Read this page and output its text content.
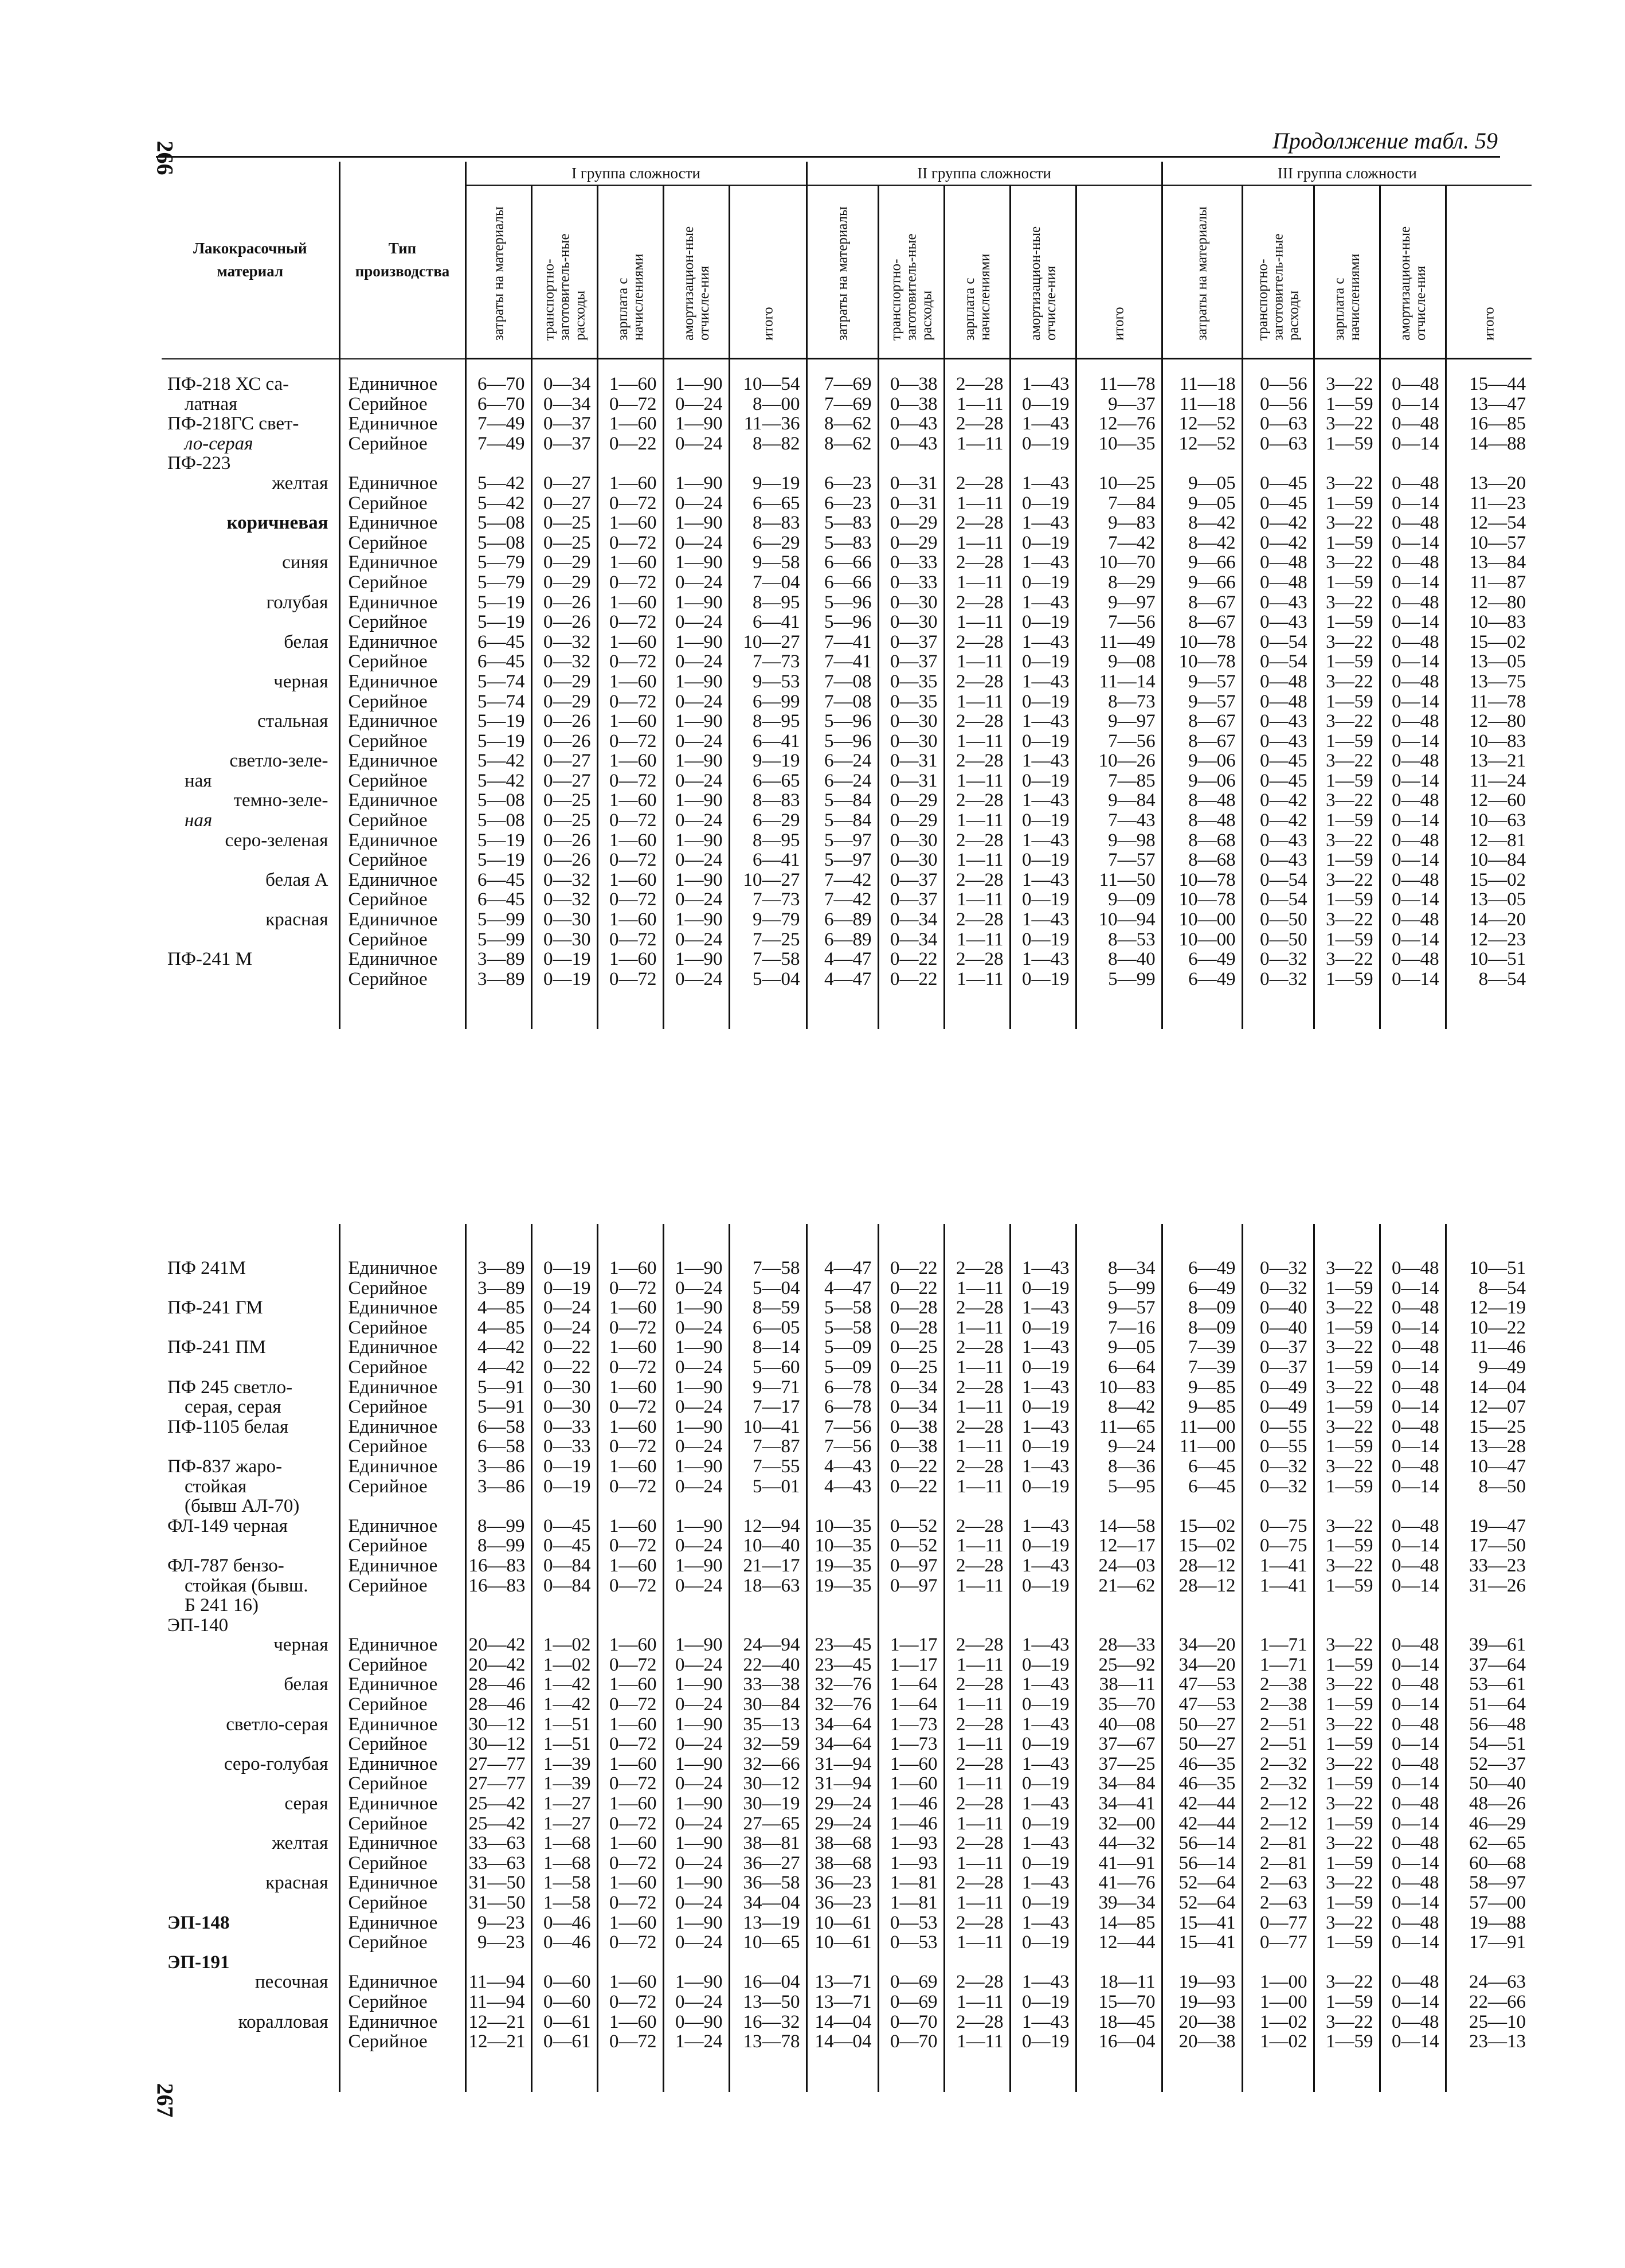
266	Продолжение табл. 59
Лакокрасочный материал	Тип производства	I группа сложности					II группа сложности					III группа сложности				

		затраты на материалы	транспортно-заготовитель-ные расходы	зарплата с начислениями	амортизацион-ные отчисле-ния	итого	затраты на материалы	транспортно-заготовитель-ные расходы	зарплата с начислениями	амортизацион-ные отчисле-ния	итого	затраты на материалы	транспортно-заготовитель-ные расходы	зарплата с начислениями	амортизацион-ные отчисле-ния	итого

ПФ-218 ХС са-	Единичное	6—70	0—34	1—60	1—90	10—54	7—69	0—38	2—28	1—43	11—78	11—18	0—56	3—22	0—48	15—44
латная	Серийное	6—70	0—34	0—72	0—24	8—00	7—69	0—38	1—11	0—19	9—37	11—18	0—56	1—59	0—14	13—47
ПФ-218ГС свет-	Единичное	7—49	0—37	1—60	1—90	11—36	8—62	0—43	2—28	1—43	12—76	12—52	0—63	3—22	0—48	16—85
ло-серая	Серийное	7—49	0—37	0—22	0—24	8—82	8—62	0—43	1—11	0—19	10—35	12—52	0—63	1—59	0—14	14—88
ПФ-223																
желтая	Единичное	5—42	0—27	1—60	1—90	9—19	6—23	0—31	2—28	1—43	10—25	9—05	0—45	3—22	0—48	13—20
	Серийное	5—42	0—27	0—72	0—24	6—65	6—23	0—31	1—11	0—19	7—84	9—05	0—45	1—59	0—14	11—23
коричневая	Единичное	5—08	0—25	1—60	1—90	8—83	5—83	0—29	2—28	1—43	9—83	8—42	0—42	3—22	0—48	12—54
	Серийное	5—08	0—25	0—72	0—24	6—29	5—83	0—29	1—11	0—19	7—42	8—42	0—42	1—59	0—14	10—57
синяя	Единичное	5—79	0—29	1—60	1—90	9—58	6—66	0—33	2—28	1—43	10—70	9—66	0—48	3—22	0—48	13—84
	Серийное	5—79	0—29	0—72	0—24	7—04	6—66	0—33	1—11	0—19	8—29	9—66	0—48	1—59	0—14	11—87
голубая	Единичное	5—19	0—26	1—60	1—90	8—95	5—96	0—30	2—28	1—43	9—97	8—67	0—43	3—22	0—48	12—80
	Серийное	5—19	0—26	0—72	0—24	6—41	5—96	0—30	1—11	0—19	7—56	8—67	0—43	1—59	0—14	10—83
белая	Единичное	6—45	0—32	1—60	1—90	10—27	7—41	0—37	2—28	1—43	11—49	10—78	0—54	3—22	0—48	15—02
	Серийное	6—45	0—32	0—72	0—24	7—73	7—41	0—37	1—11	0—19	9—08	10—78	0—54	1—59	0—14	13—05
черная	Единичное	5—74	0—29	1—60	1—90	9—53	7—08	0—35	2—28	1—43	11—14	9—57	0—48	3—22	0—48	13—75
	Серийное	5—74	0—29	0—72	0—24	6—99	7—08	0—35	1—11	0—19	8—73	9—57	0—48	1—59	0—14	11—78
стальная	Единичное	5—19	0—26	1—60	1—90	8—95	5—96	0—30	2—28	1—43	9—97	8—67	0—43	3—22	0—48	12—80
	Серийное	5—19	0—26	0—72	0—24	6—41	5—96	0—30	1—11	0—19	7—56	8—67	0—43	1—59	0—14	10—83
светло-зеле-	Единичное	5—42	0—27	1—60	1—90	9—19	6—24	0—31	2—28	1—43	10—26	9—06	0—45	3—22	0—48	13—21
ная	Серийное	5—42	0—27	0—72	0—24	6—65	6—24	0—31	1—11	0—19	7—85	9—06	0—45	1—59	0—14	11—24
темно-зеле-	Единичное	5—08	0—25	1—60	1—90	8—83	5—84	0—29	2—28	1—43	9—84	8—48	0—42	3—22	0—48	12—60
ная	Серийное	5—08	0—25	0—72	0—24	6—29	5—84	0—29	1—11	0—19	7—43	8—48	0—42	1—59	0—14	10—63
серо-зеленая	Единичное	5—19	0—26	1—60	1—90	8—95	5—97	0—30	2—28	1—43	9—98	8—68	0—43	3—22	0—48	12—81
	Серийное	5—19	0—26	0—72	0—24	6—41	5—97	0—30	1—11	0—19	7—57	8—68	0—43	1—59	0—14	10—84
белая А	Единичное	6—45	0—32	1—60	1—90	10—27	7—42	0—37	2—28	1—43	11—50	10—78	0—54	3—22	0—48	15—02
	Серийное	6—45	0—32	0—72	0—24	7—73	7—42	0—37	1—11	0—19	9—09	10—78	0—54	1—59	0—14	13—05
красная	Единичное	5—99	0—30	1—60	1—90	9—79	6—89	0—34	2—28	1—43	10—94	10—00	0—50	3—22	0—48	14—20
	Серийное	5—99	0—30	0—72	0—24	7—25	6—89	0—34	1—11	0—19	8—53	10—00	0—50	1—59	0—14	12—23
ПФ-241 М	Единичное	3—89	0—19	1—60	1—90	7—58	4—47	0—22	2—28	1—43	8—40	6—49	0—32	3—22	0—48	10—51
	Серийное	3—89	0—19	0—72	0—24	5—04	4—47	0—22	1—11	0—19	5—99	6—49	0—32	1—59	0—14	8—54

ПФ 241М	Единичное	3—89	0—19	1—60	1—90	7—58	4—47	0—22	2—28	1—43	8—34	6—49	0—32	3—22	0—48	10—51
	Серийное	3—89	0—19	0—72	0—24	5—04	4—47	0—22	1—11	0—19	5—99	6—49	0—32	1—59	0—14	8—54
ПФ-241 ГМ	Единичное	4—85	0—24	1—60	1—90	8—59	5—58	0—28	2—28	1—43	9—57	8—09	0—40	3—22	0—48	12—19
	Серийное	4—85	0—24	0—72	0—24	6—05	5—58	0—28	1—11	0—19	7—16	8—09	0—40	1—59	0—14	10—22
ПФ-241 ПМ	Единичное	4—42	0—22	1—60	1—90	8—14	5—09	0—25	2—28	1—43	9—05	7—39	0—37	3—22	0—48	11—46
	Серийное	4—42	0—22	0—72	0—24	5—60	5—09	0—25	1—11	0—19	6—64	7—39	0—37	1—59	0—14	9—49
ПФ 245 светло-	Единичное	5—91	0—30	1—60	1—90	9—71	6—78	0—34	2—28	1—43	10—83	9—85	0—49	3—22	0—48	14—04
серая, серая	Серийное	5—91	0—30	0—72	0—24	7—17	6—78	0—34	1—11	0—19	8—42	9—85	0—49	1—59	0—14	12—07
ПФ-1105 белая	Единичное	6—58	0—33	1—60	1—90	10—41	7—56	0—38	2—28	1—43	11—65	11—00	0—55	3—22	0—48	15—25
	Серийное	6—58	0—33	0—72	0—24	7—87	7—56	0—38	1—11	0—19	9—24	11—00	0—55	1—59	0—14	13—28
ПФ-837 жаро-	Единичное	3—86	0—19	1—60	1—90	7—55	4—43	0—22	2—28	1—43	8—36	6—45	0—32	3—22	0—48	10—47
стойкая	Серийное	3—86	0—19	0—72	0—24	5—01	4—43	0—22	1—11	0—19	5—95	6—45	0—32	1—59	0—14	8—50
(бывш АЛ-70)																
ФЛ-149 черная	Единичное	8—99	0—45	1—60	1—90	12—94	10—35	0—52	2—28	1—43	14—58	15—02	0—75	3—22	0—48	19—47
	Серийное	8—99	0—45	0—72	0—24	10—40	10—35	0—52	1—11	0—19	12—17	15—02	0—75	1—59	0—14	17—50
ФЛ-787 бензо-	Единичное	16—83	0—84	1—60	1—90	21—17	19—35	0—97	2—28	1—43	24—03	28—12	1—41	3—22	0—48	33—23
стойкая (бывш.	Серийное	16—83	0—84	0—72	0—24	18—63	19—35	0—97	1—11	0—19	21—62	28—12	1—41	1—59	0—14	31—26
Б 241 16)																
ЭП-140																
черная	Единичное	20—42	1—02	1—60	1—90	24—94	23—45	1—17	2—28	1—43	28—33	34—20	1—71	3—22	0—48	39—61
	Серийное	20—42	1—02	0—72	0—24	22—40	23—45	1—17	1—11	0—19	25—92	34—20	1—71	1—59	0—14	37—64
белая	Единичное	28—46	1—42	1—60	1—90	33—38	32—76	1—64	2—28	1—43	38—11	47—53	2—38	3—22	0—48	53—61
	Серийное	28—46	1—42	0—72	0—24	30—84	32—76	1—64	1—11	0—19	35—70	47—53	2—38	1—59	0—14	51—64
светло-серая	Единичное	30—12	1—51	1—60	1—90	35—13	34—64	1—73	2—28	1—43	40—08	50—27	2—51	3—22	0—48	56—48
	Серийное	30—12	1—51	0—72	0—24	32—59	34—64	1—73	1—11	0—19	37—67	50—27	2—51	1—59	0—14	54—51
серо-голубая	Единичное	27—77	1—39	1—60	1—90	32—66	31—94	1—60	2—28	1—43	37—25	46—35	2—32	3—22	0—48	52—37
	Серийное	27—77	1—39	0—72	0—24	30—12	31—94	1—60	1—11	0—19	34—84	46—35	2—32	1—59	0—14	50—40
серая	Единичное	25—42	1—27	1—60	1—90	30—19	29—24	1—46	2—28	1—43	34—41	42—44	2—12	3—22	0—48	48—26
	Серийное	25—42	1—27	0—72	0—24	27—65	29—24	1—46	1—11	0—19	32—00	42—44	2—12	1—59	0—14	46—29
желтая	Единичное	33—63	1—68	1—60	1—90	38—81	38—68	1—93	2—28	1—43	44—32	56—14	2—81	3—22	0—48	62—65
	Серийное	33—63	1—68	0—72	0—24	36—27	38—68	1—93	1—11	0—19	41—91	56—14	2—81	1—59	0—14	60—68
красная	Единичное	31—50	1—58	1—60	1—90	36—58	36—23	1—81	2—28	1—43	41—76	52—64	2—63	3—22	0—48	58—97
	Серийное	31—50	1—58	0—72	0—24	34—04	36—23	1—81	1—11	0—19	39—34	52—64	2—63	1—59	0—14	57—00
ЭП-148	Единичное	9—23	0—46	1—60	1—90	13—19	10—61	0—53	2—28	1—43	14—85	15—41	0—77	3—22	0—48	19—88
	Серийное	9—23	0—46	0—72	0—24	10—65	10—61	0—53	1—11	0—19	12—44	15—41	0—77	1—59	0—14	17—91
ЭП-191																
песочная	Единичное	11—94	0—60	1—60	1—90	16—04	13—71	0—69	2—28	1—43	18—11	19—93	1—00	3—22	0—48	24—63
	Серийное	11—94	0—60	0—72	0—24	13—50	13—71	0—69	1—11	0—19	15—70	19—93	1—00	1—59	0—14	22—66
коралловая	Единичное	12—21	0—61	1—60	0—90	16—32	14—04	0—70	2—28	1—43	18—45	20—38	1—02	3—22	0—48	25—10
	Серийное	12—21	0—61	0—72	1—24	13—78	14—04	0—70	1—11	0—19	16—04	20—38	1—02	1—59	0—14	23—13

267
